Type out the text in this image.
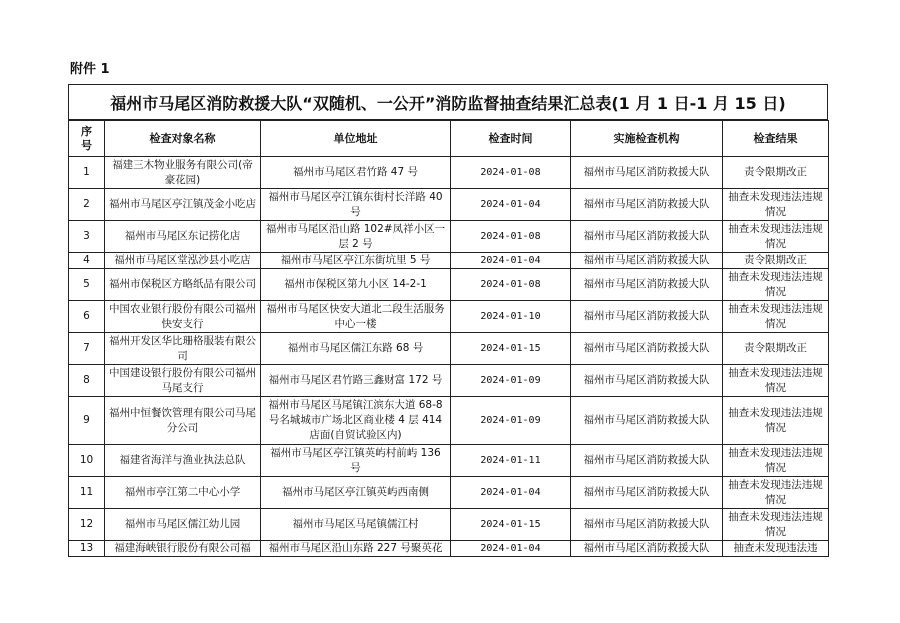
附件 1
福州市马尾区消防救援大队“双随机、一公开”消防监督抽查结果汇总表(1 月 1 日-1 月 15 日)
序号	检查对象名称	单位地址	检查时间	实施检查机构	检查结果
1	福建三木物业服务有限公司(帝豪花园)	福州市马尾区君竹路 47 号	2024-01-08	福州市马尾区消防救援大队	责令限期改正
2	福州市马尾区亭江镇茂金小吃店	福州市马尾区亭江镇东街村长洋路 40 号	2024-01-04	福州市马尾区消防救援大队	抽查未发现违法违规情况
3	福州市马尾区东记捞化店	福州市马尾区沿山路 102#凤祥小区一层 2 号	2024-01-08	福州市马尾区消防救援大队	抽查未发现违法违规情况
4	福州市马尾区堂泓沙县小吃店	福州市马尾区亭江东街坑里 5 号	2024-01-04	福州市马尾区消防救援大队	责令限期改正
5	福州市保税区方略纸品有限公司	福州市保税区第九小区 14-2-1	2024-01-08	福州市马尾区消防救援大队	抽查未发现违法违规情况
6	中国农业银行股份有限公司福州快安支行	福州市马尾区快安大道北二段生活服务中心一楼	2024-01-10	福州市马尾区消防救援大队	抽查未发现违法违规情况
7	福州开发区华比珊格服装有限公司	福州市马尾区儒江东路 68 号	2024-01-15	福州市马尾区消防救援大队	责令限期改正
8	中国建设银行股份有限公司福州马尾支行	福州市马尾区君竹路三鑫财富 172 号	2024-01-09	福州市马尾区消防救援大队	抽查未发现违法违规情况
9	福州中恒餐饮管理有限公司马尾分公司	福州市马尾区马尾镇江滨东大道 68-8 号名城城市广场北区商业楼 4 层 414 店面(自贸试验区内)	2024-01-09	福州市马尾区消防救援大队	抽查未发现违法违规情况
10	福建省海洋与渔业执法总队	福州市马尾区亭江镇英屿村前屿 136 号	2024-01-11	福州市马尾区消防救援大队	抽查未发现违法违规情况
11	福州市亭江第二中心小学	福州市马尾区亭江镇英屿西南侧	2024-01-04	福州市马尾区消防救援大队	抽查未发现违法违规情况
12	福州市马尾区儒江幼儿园	福州市马尾区马尾镇儒江村	2024-01-15	福州市马尾区消防救援大队	抽查未发现违法违规情况
13	福建海峡银行股份有限公司福	福州市马尾区沿山东路 227 号聚英花	2024-01-04	福州市马尾区消防救援大队	抽查未发现违法违
